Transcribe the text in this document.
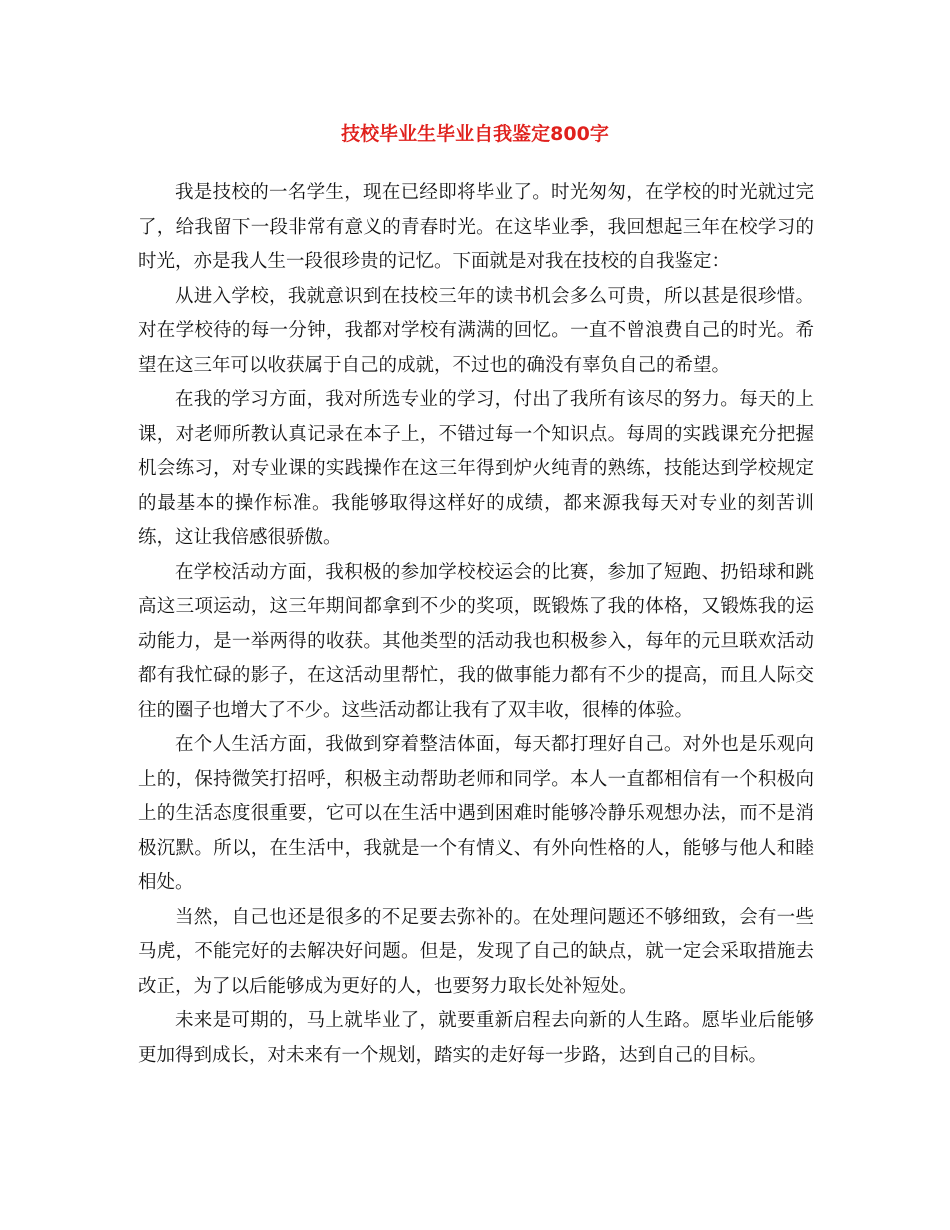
技校毕业生毕业自我鉴定800字

我是技校的一名学生，现在已经即将毕业了。时光匆匆，在学校的时光就过完了，给我留下一段非常有意义的青春时光。在这毕业季，我回想起三年在校学习的时光，亦是我人生一段很珍贵的记忆。下面就是对我在技校的自我鉴定：

从进入学校，我就意识到在技校三年的读书机会多么可贵，所以甚是很珍惜。对在学校待的每一分钟，我都对学校有满满的回忆。一直不曾浪费自己的时光。希望在这三年可以收获属于自己的成就，不过也的确没有辜负自己的希望。

在我的学习方面，我对所选专业的学习，付出了我所有该尽的努力。每天的上课，对老师所教认真记录在本子上，不错过每一个知识点。每周的实践课充分把握机会练习，对专业课的实践操作在这三年得到炉火纯青的熟练，技能达到学校规定的最基本的操作标准。我能够取得这样好的成绩，都来源我每天对专业的刻苦训练，这让我倍感很骄傲。

在学校活动方面，我积极的参加学校校运会的比赛，参加了短跑、扔铅球和跳高这三项运动，这三年期间都拿到不少的奖项，既锻炼了我的体格，又锻炼我的运动能力，是一举两得的收获。其他类型的活动我也积极参入，每年的元旦联欢活动都有我忙碌的影子，在这活动里帮忙，我的做事能力都有不少的提高，而且人际交往的圈子也增大了不少。这些活动都让我有了双丰收，很棒的体验。

在个人生活方面，我做到穿着整洁体面，每天都打理好自己。对外也是乐观向上的，保持微笑打招呼，积极主动帮助老师和同学。本人一直都相信有一个积极向上的生活态度很重要，它可以在生活中遇到困难时能够冷静乐观想办法，而不是消极沉默。所以，在生活中，我就是一个有情义、有外向性格的人，能够与他人和睦相处。

当然，自己也还是很多的不足要去弥补的。在处理问题还不够细致，会有一些马虎，不能完好的去解决好问题。但是，发现了自己的缺点，就一定会采取措施去改正，为了以后能够成为更好的人，也要努力取长处补短处。

未来是可期的，马上就毕业了，就要重新启程去向新的人生路。愿毕业后能够更加得到成长，对未来有一个规划，踏实的走好每一步路，达到自己的目标。
